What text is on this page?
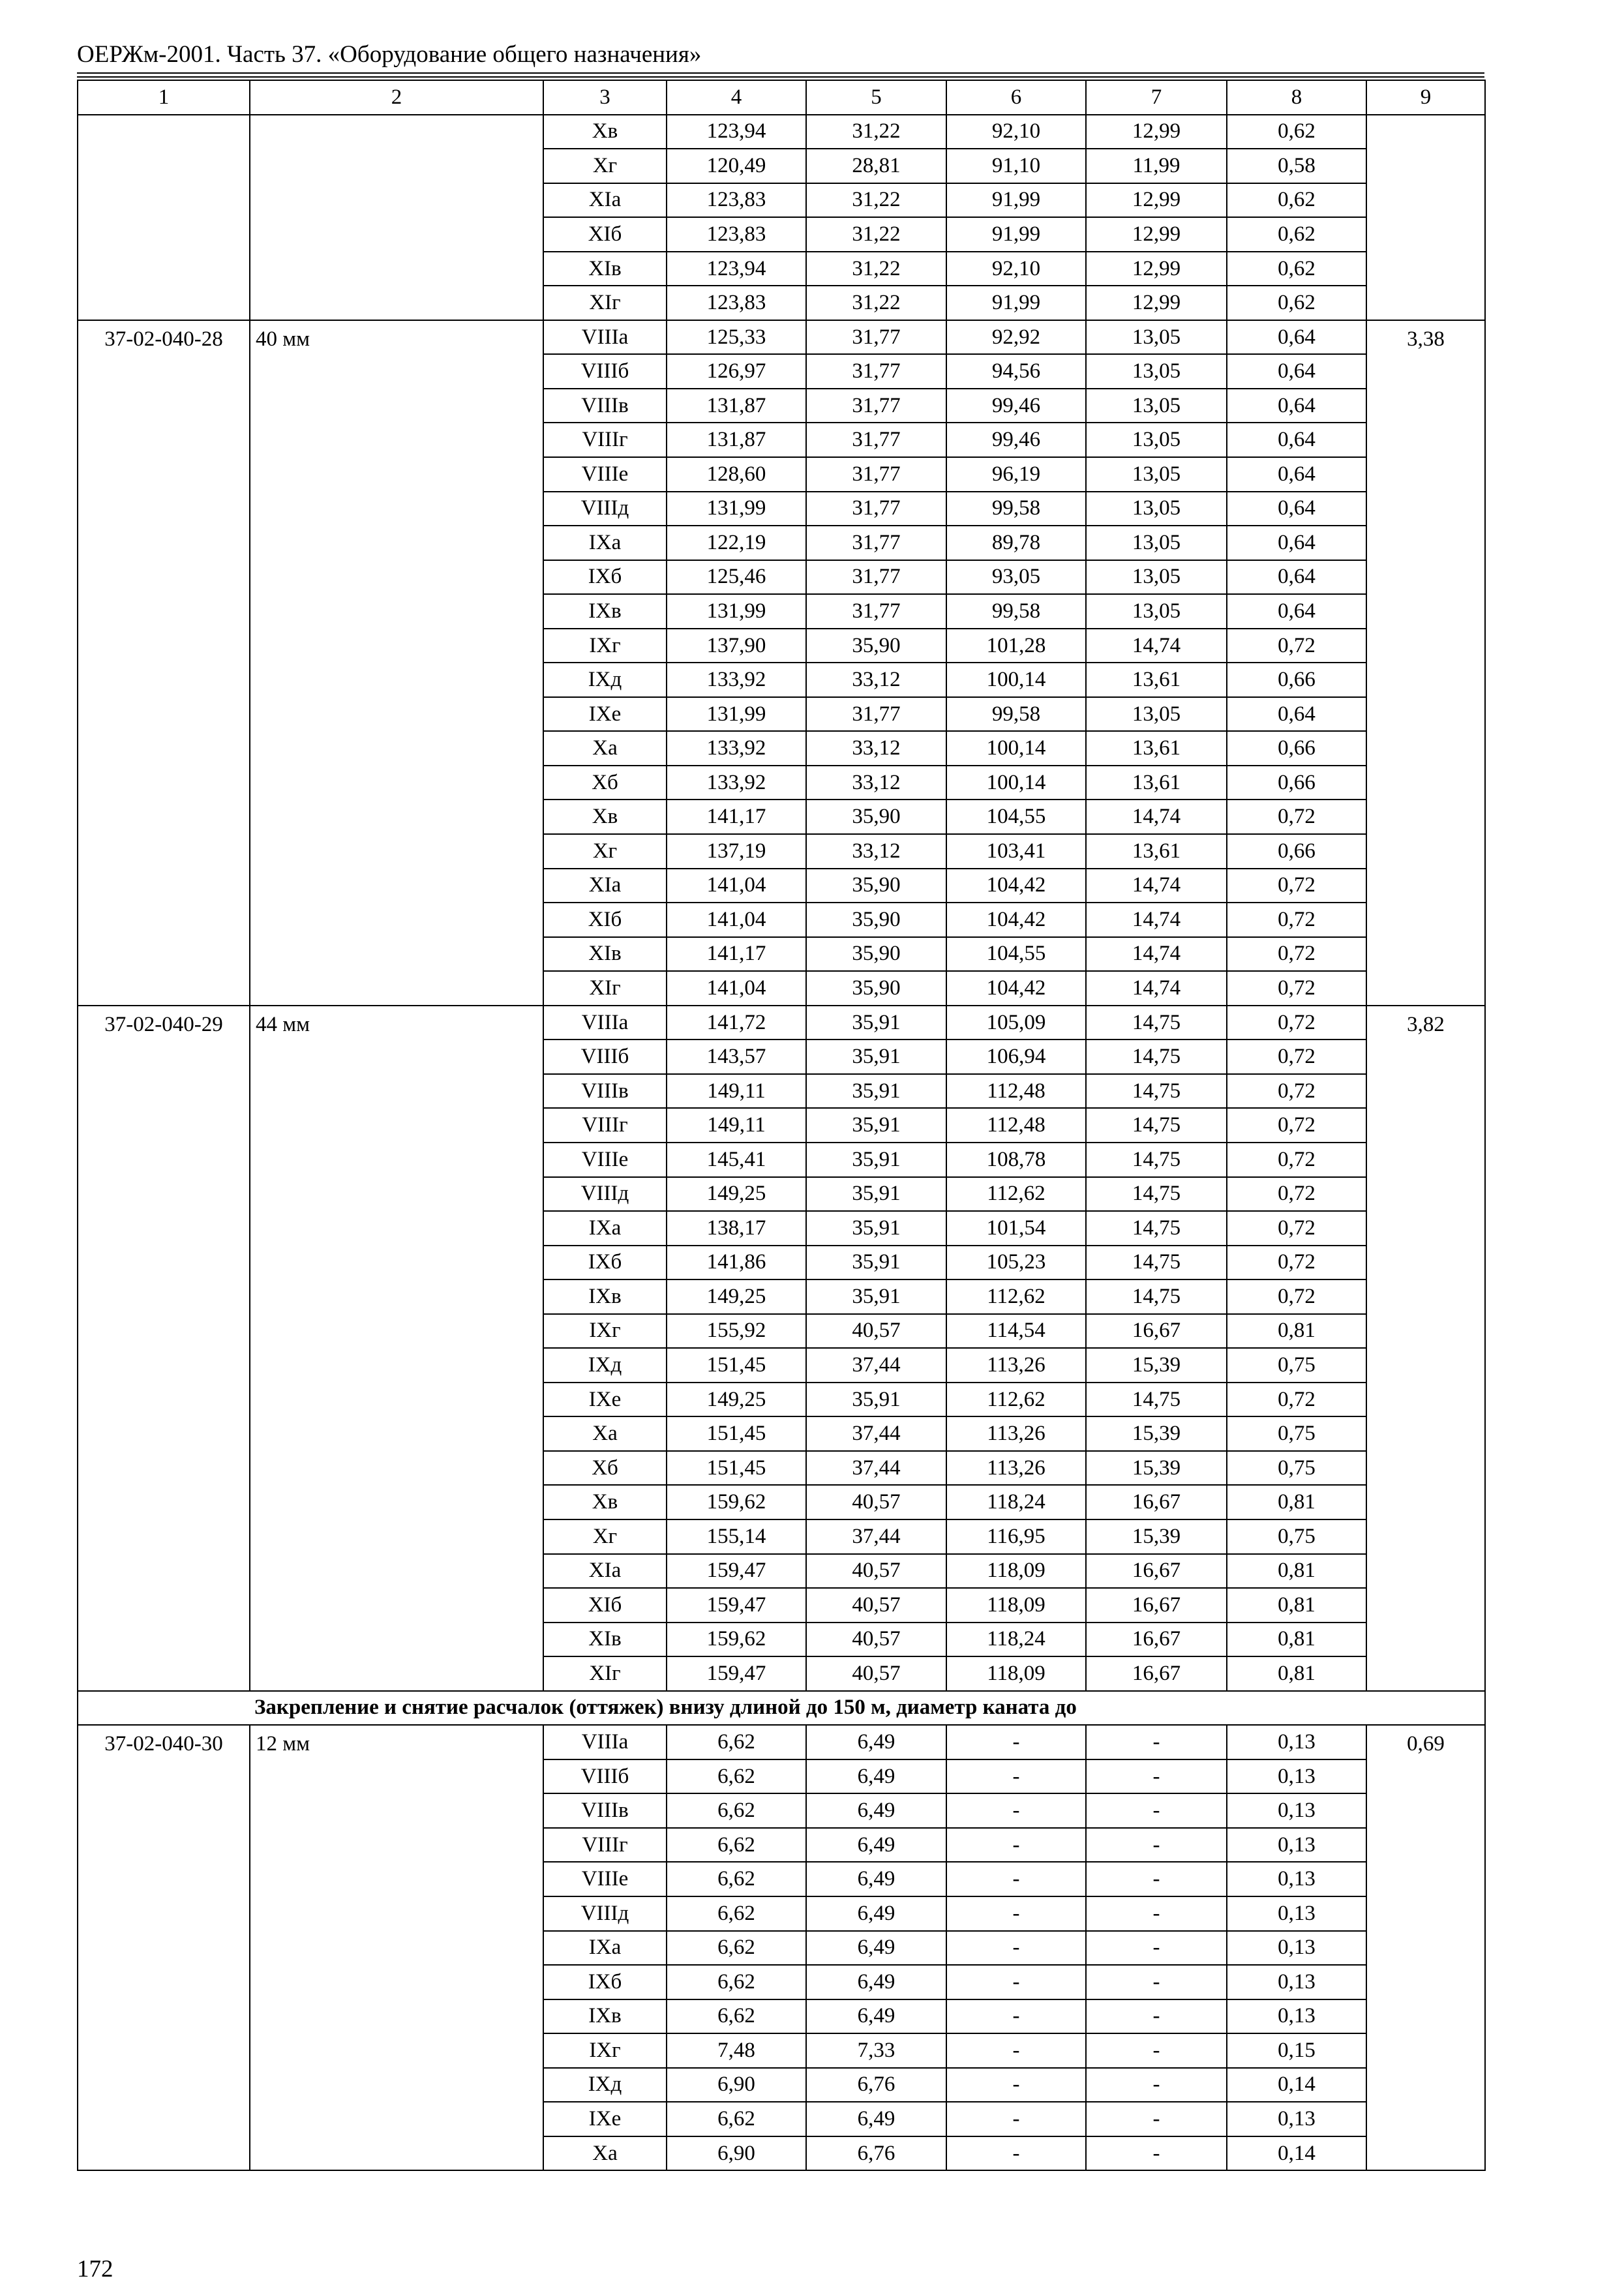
ОЕРЖм-2001. Часть 37. «Оборудование общего назначения»
1	2	3	4	5	6	7	8	9
		Xв	123,94	31,22	92,10	12,99	0,62	
		Xг	120,49	28,81	91,10	11,99	0,58	
		XIа	123,83	31,22	91,99	12,99	0,62	
		XIб	123,83	31,22	91,99	12,99	0,62	
		XIв	123,94	31,22	92,10	12,99	0,62	
		XIг	123,83	31,22	91,99	12,99	0,62	
37-02-040-28	40 мм	VIIIа	125,33	31,77	92,92	13,05	0,64	3,38
		VIIIб	126,97	31,77	94,56	13,05	0,64	
		VIIIв	131,87	31,77	99,46	13,05	0,64	
		VIIIг	131,87	31,77	99,46	13,05	0,64	
		VIIIе	128,60	31,77	96,19	13,05	0,64	
		VIIIд	131,99	31,77	99,58	13,05	0,64	
		IXа	122,19	31,77	89,78	13,05	0,64	
		IXб	125,46	31,77	93,05	13,05	0,64	
		IXв	131,99	31,77	99,58	13,05	0,64	
		IXг	137,90	35,90	101,28	14,74	0,72	
		IXд	133,92	33,12	100,14	13,61	0,66	
		IXе	131,99	31,77	99,58	13,05	0,64	
		Xа	133,92	33,12	100,14	13,61	0,66	
		Xб	133,92	33,12	100,14	13,61	0,66	
		Xв	141,17	35,90	104,55	14,74	0,72	
		Xг	137,19	33,12	103,41	13,61	0,66	
		XIа	141,04	35,90	104,42	14,74	0,72	
		XIб	141,04	35,90	104,42	14,74	0,72	
		XIв	141,17	35,90	104,55	14,74	0,72	
		XIг	141,04	35,90	104,42	14,74	0,72	
37-02-040-29	44 мм	VIIIа	141,72	35,91	105,09	14,75	0,72	3,82
		VIIIб	143,57	35,91	106,94	14,75	0,72	
		VIIIв	149,11	35,91	112,48	14,75	0,72	
		VIIIг	149,11	35,91	112,48	14,75	0,72	
		VIIIе	145,41	35,91	108,78	14,75	0,72	
		VIIIд	149,25	35,91	112,62	14,75	0,72	
		IXа	138,17	35,91	101,54	14,75	0,72	
		IXб	141,86	35,91	105,23	14,75	0,72	
		IXв	149,25	35,91	112,62	14,75	0,72	
		IXг	155,92	40,57	114,54	16,67	0,81	
		IXд	151,45	37,44	113,26	15,39	0,75	
		IXе	149,25	35,91	112,62	14,75	0,72	
		Xа	151,45	37,44	113,26	15,39	0,75	
		Xб	151,45	37,44	113,26	15,39	0,75	
		Xв	159,62	40,57	118,24	16,67	0,81	
		Xг	155,14	37,44	116,95	15,39	0,75	
		XIа	159,47	40,57	118,09	16,67	0,81	
		XIб	159,47	40,57	118,09	16,67	0,81	
		XIв	159,62	40,57	118,24	16,67	0,81	
		XIг	159,47	40,57	118,09	16,67	0,81	
Закрепление и снятие расчалок (оттяжек) внизу длиной до 150 м, диаметр каната до								
37-02-040-30	12 мм	VIIIа	6,62	6,49	-	-	0,13	0,69
		VIIIб	6,62	6,49	-	-	0,13	
		VIIIв	6,62	6,49	-	-	0,13	
		VIIIг	6,62	6,49	-	-	0,13	
		VIIIе	6,62	6,49	-	-	0,13	
		VIIIд	6,62	6,49	-	-	0,13	
		IXа	6,62	6,49	-	-	0,13	
		IXб	6,62	6,49	-	-	0,13	
		IXв	6,62	6,49	-	-	0,13	
		IXг	7,48	7,33	-	-	0,15	
		IXд	6,90	6,76	-	-	0,14	
		IXе	6,62	6,49	-	-	0,13	
		Xа	6,90	6,76	-	-	0,14	
172
